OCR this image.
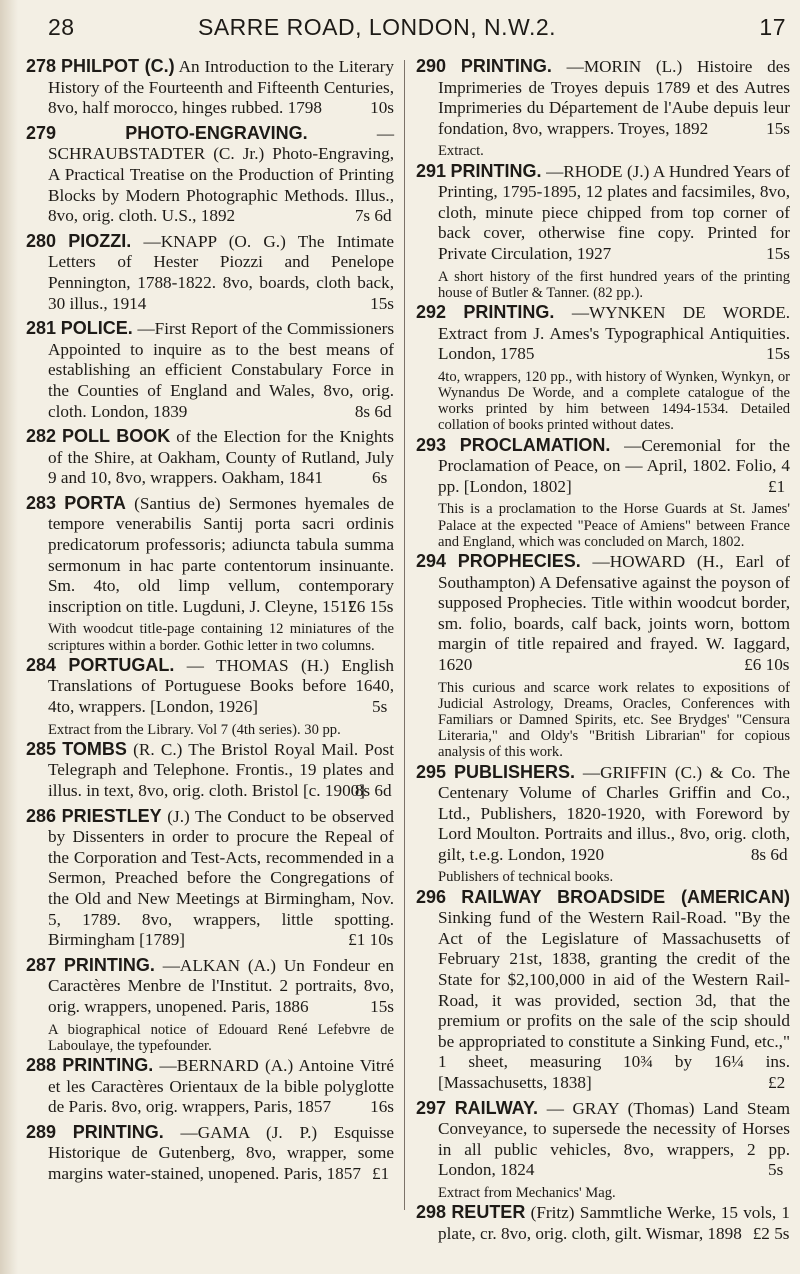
28	SARRE ROAD, LONDON, N.W.2.	17

278 PHILPOT (C.) An Introduction to the Literary History of the Fourteenth and Fifteenth Centuries, 8vo, half morocco, hinges rubbed. 1798	10s

279	PHOTO-ENGRAVING.	— SCHRAUBSTADTER (C. Jr.) Photo-Engraving, A Practical Treatise on the Production of Printing Blocks by Modern Photographic Methods. Illus., 8vo, orig. cloth. U.S., 1892	7s 6d

280 PIOZZI. —KNAPP (O. G.) The Intimate Letters of Hester Piozzi and Penelope Pennington, 1788-1822. 8vo, boards, cloth back, 30 illus., 1914	15s

281 POLICE. —First Report of the Commissioners Appointed to inquire as to the best means of establishing an efficient Constabulary Force in the Counties of England and Wales, 8vo, orig. cloth. London, 1839	8s 6d

282 POLL BOOK of the Election for the Knights of the Shire, at Oakham, County of Rutland, July 9 and 10, 8vo, wrappers. Oakham, 1841	6s

283 PORTA (Santius de) Sermones hyemales de tempore venerabilis Santij porta sacri ordinis predicatorum professoris; adiuncta tabula summa sermonum in hac parte contentorum insinuante. Sm. 4to, old limp vellum, contemporary inscription on title. Lugduni, J. Cleyne, 1517
£6 15s

With woodcut title-page containing 12 miniatures of the scriptures within a border. Gothic letter in two columns.

284 PORTUGAL. — THOMAS (H.) English Translations of Portuguese Books before 1640, 4to, wrappers. [London, 1926]	5s

Extract from the Library. Vol 7 (4th series). 30 pp.

285 TOMBS (R. C.) The Bristol Royal Mail. Post Telegraph and Telephone. Frontis., 19 plates and illus. in text, 8vo, orig. cloth. Bristol [c. 1900]
8s 6d

286 PRIESTLEY (J.) The Conduct to be observed by Dissenters in order to procure the Repeal of the Corporation and Test-Acts, recommended in a Sermon, Preached before the Congregations of the Old and New Meetings at Birmingham, Nov. 5, 1789. 8vo, wrappers, little spotting. Birmingham [1789]	£1 10s

287 PRINTING. —ALKAN (A.) Un Fondeur en Caractères Menbre de l'Institut. 2 portraits, 8vo, orig. wrappers, unopened. Paris, 1886	15s

A biographical notice of Edouard René Lefebvre de Laboulaye, the typefounder.

288 PRINTING. —BERNARD (A.) Antoine Vitré et les Caractères Orientaux de la bible polyglotte de Paris. 8vo, orig. wrappers, Paris, 1857 16s

289 PRINTING. —GAMA (J. P.) Esquisse Historique de Gutenberg, 8vo, wrapper, some margins water-stained, unopened. Paris, 1857 £1

290 PRINTING. —MORIN (L.) Histoire des Imprimeries de Troyes depuis 1789 et des Autres Imprimeries du Département de l'Aube depuis leur fondation, 8vo, wrappers. Troyes, 1892	15s

Extract.

291 PRINTING. —RHODE (J.) A Hundred Years of Printing, 1795-1895, 12 plates and facsimiles, 8vo, cloth, minute piece chipped from top corner of back cover, otherwise fine copy. Printed for Private Circulation, 1927	15s

A short history of the first hundred years of the printing house of Butler & Tanner. (82 pp.).

292 PRINTING. —WYNKEN DE WORDE. Extract from J. Ames's Typographical Antiquities. London, 1785	15s

4to, wrappers, 120 pp., with history of Wynken, Wynkyn, or Wynandus De Worde, and a complete catalogue of the works printed by him between 1494-1534. Detailed collation of books printed without dates.

293 PROCLAMATION. —Ceremonial for the Proclamation of Peace, on — April, 1802. Folio, 4 pp. [London, 1802]	£1

This is a proclamation to the Horse Guards at St. James' Palace at the expected "Peace of Amiens" between France and England, which was concluded on March, 1802.

294 PROPHECIES. —HOWARD (H., Earl of Southampton) A Defensative against the poyson of supposed Prophecies. Title within woodcut border, sm. folio, boards, calf back, joints worn, bottom margin of title repaired and frayed. W. Iaggard, 1620	£6 10s

This curious and scarce work relates to expositions of Judicial Astrology, Dreams, Oracles, Conferences with Familiars or Damned Spirits, etc. See Brydges' "Censura Literaria," and Oldy's "British Librarian" for copious analysis of this work.

295 PUBLISHERS. —GRIFFIN (C.) & Co. The Centenary Volume of Charles Griffin and Co., Ltd., Publishers, 1820-1920, with Foreword by Lord Moulton. Portraits and illus., 8vo, orig. cloth, gilt, t.e.g. London, 1920	8s 6d

Publishers of technical books.

296 RAILWAY BROADSIDE (AMERICAN) Sinking fund of the Western Rail-Road. "By the Act of the Legislature of Massachusetts of February 21st, 1838, granting the credit of the State for $2,100,000 in aid of the Western Rail-Road, it was provided, section 3d, that the premium or profits on the sale of the scip should be appropriated to constitute a Sinking Fund, etc.," 1 sheet, measuring 10¾ by 16¼ ins. [Massachusetts, 1838]	£2

297 RAILWAY. — GRAY (Thomas) Land Steam Conveyance, to supersede the necessity of Horses in all public vehicles, 8vo, wrappers, 2 pp. London, 1824	5s

Extract from Mechanics' Mag.

298 REUTER (Fritz) Sammtliche Werke, 15 vols, 1 plate, cr. 8vo, orig. cloth, gilt. Wismar, 1898 £2 5s
